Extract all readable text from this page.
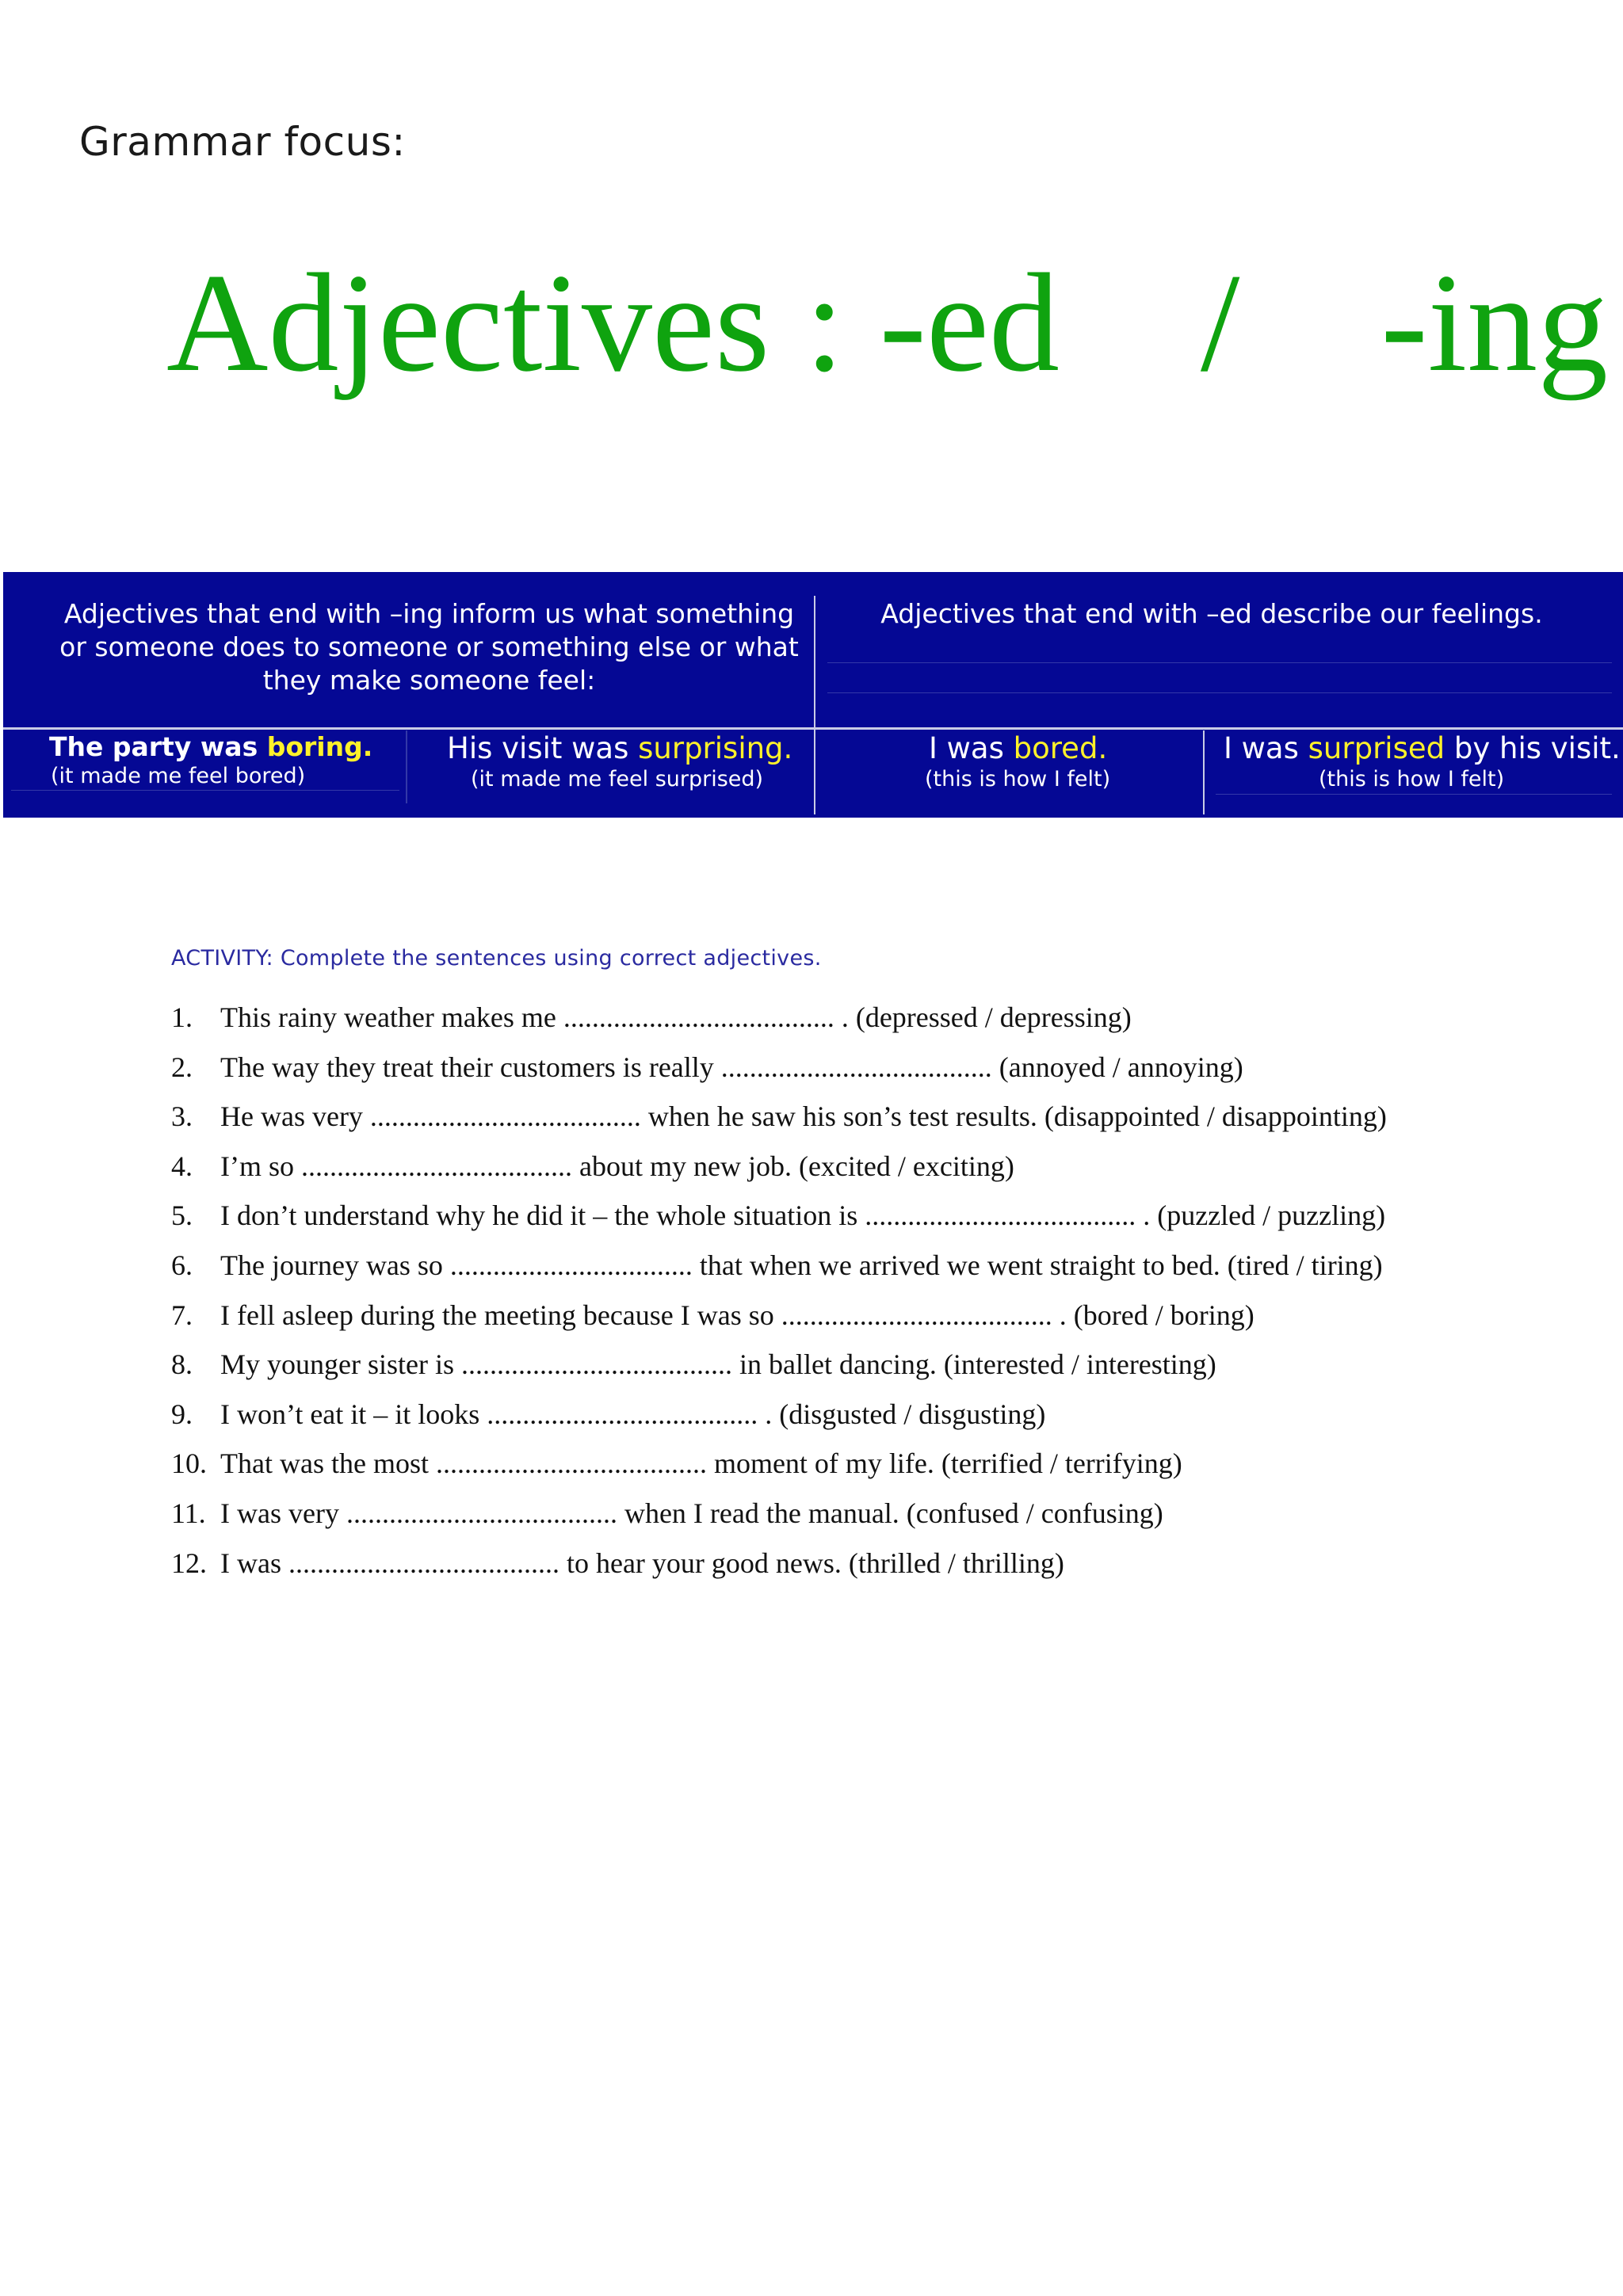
Grammar focus:
Adjectives : -ed    /    -ing
Adjectives that end with –ing inform us what something or someone does to someone or something else or what they make someone feel:
Adjectives that end with –ed describe our feelings.
The party was boring.
(it made me feel bored)
His visit was surprising.
(it made me feel surprised)
I was bored.
(this is how I felt)
I was surprised by his visit.
(this is how I felt)

ACTIVITY: Complete the sentences using correct adjectives.

1. This rainy weather makes me ...................................... . (depressed / depressing)
2. The way they treat their customers is really ...................................... (annoyed / annoying)
3. He was very ...................................... when he saw his son’s test results. (disappointed / disappointing)
4. I’m so ...................................... about my new job. (excited / exciting)
5. I don’t understand why he did it – the whole situation is ...................................... . (puzzled / puzzling)
6. The journey was so .................................. that when we arrived we went straight to bed. (tired / tiring)
7. I fell asleep during the meeting because I was so ...................................... . (bored / boring)
8. My younger sister is ...................................... in ballet dancing. (interested / interesting)
9. I won’t eat it – it looks ...................................... . (disgusted / disgusting)
10. That was the most ...................................... moment of my life. (terrified / terrifying)
11. I was very ...................................... when I read the manual. (confused / confusing)
12. I was ...................................... to hear your good news. (thrilled / thrilling)
